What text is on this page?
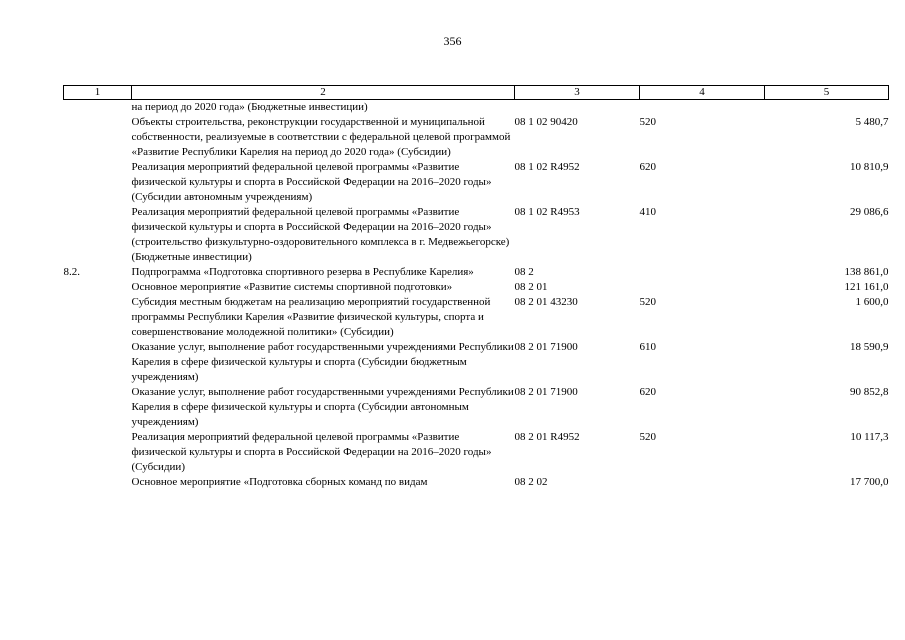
356
1	2	3	4	5
	на период до 2020 года» (Бюджетные инвестиции)			
	Объекты строительства, реконструкции государственной и муниципальной собственности, реализуемые в соответствии с федеральной целевой программой «Развитие Республики Карелия на период до 2020 года» (Субсидии)	08 1 02 90420	520	5 480,7
	Реализация мероприятий федеральной целевой программы «Развитие физической культуры и спорта в Российской Федерации на 2016–2020 годы» (Субсидии автономным учреждениям)	08 1 02 R4952	620	10 810,9
	Реализация мероприятий федеральной целевой программы «Развитие физической культуры и спорта в Российской Федерации на 2016–2020 годы» (строительство физкультурно-оздоровительного комплекса в г. Медвежьегорске) (Бюджетные инвестиции)	08 1 02 R4953	410	29 086,6
8.2.	Подпрограмма «Подготовка спортивного резерва в Республике Карелия»	08 2		138 861,0
	Основное мероприятие «Развитие системы спортивной подготовки»	08 2 01		121 161,0
	Субсидия местным бюджетам на реализацию мероприятий государственной программы Республики Карелия «Развитие физической культуры, спорта и совершенствование молодежной политики» (Субсидии)	08 2 01 43230	520	1 600,0
	Оказание услуг, выполнение работ государственными учреждениями Республики Карелия в сфере физической культуры и спорта (Субсидии бюджетным учреждениям)	08 2 01 71900	610	18 590,9
	Оказание услуг, выполнение работ государственными учреждениями Республики Карелия в сфере физической культуры и спорта (Субсидии автономным учреждениям)	08 2 01 71900	620	90 852,8
	Реализация мероприятий федеральной целевой программы «Развитие физической культуры и спорта в Российской Федерации на 2016–2020 годы» (Субсидии)	08 2 01 R4952	520	10 117,3
	Основное мероприятие «Подготовка сборных команд по видам	08 2 02		17 700,0
